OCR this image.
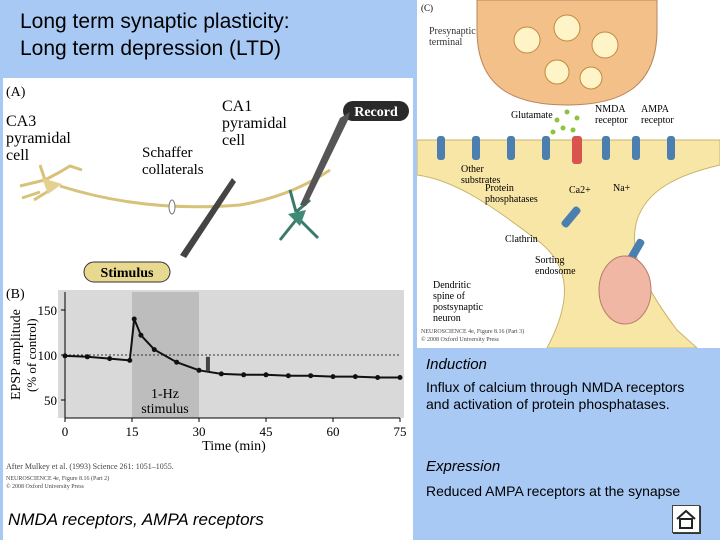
Long term synaptic plasticity:
Long term depression (LTD)
(A)
CA3
pyramidal
cell
CA1
pyramidal
cell
Schaffer
collaterals
Record
Stimulus
(B)
EPSP amplitude (% of control)
50
100
150
0	15	30	45	60	75
1-Hz
stimulus
Time (min)
After Mulkey et al. (1993) Science 261: 1051–1055.
NEUROSCIENCE 4e, Figure 8.16 (Part 2)
© 2008 Oxford University Press
NMDA receptors, AMPA receptors
(C)
Presynaptic
terminal
Glutamate
NMDA
receptor
AMPA
receptor
Other
substrates
Protein
phosphatases
Ca2+ Na+
Clathrin
Sorting
endosome
Dendritic
spine of
postsynaptic
neuron
NEUROSCIENCE 4e, Figure 8.16 (Part 3)
© 2008 Oxford University Press
Induction
Influx of calcium through NMDA receptors and activation of protein phosphatases.
Expression
Reduced AMPA receptors at the synapse
